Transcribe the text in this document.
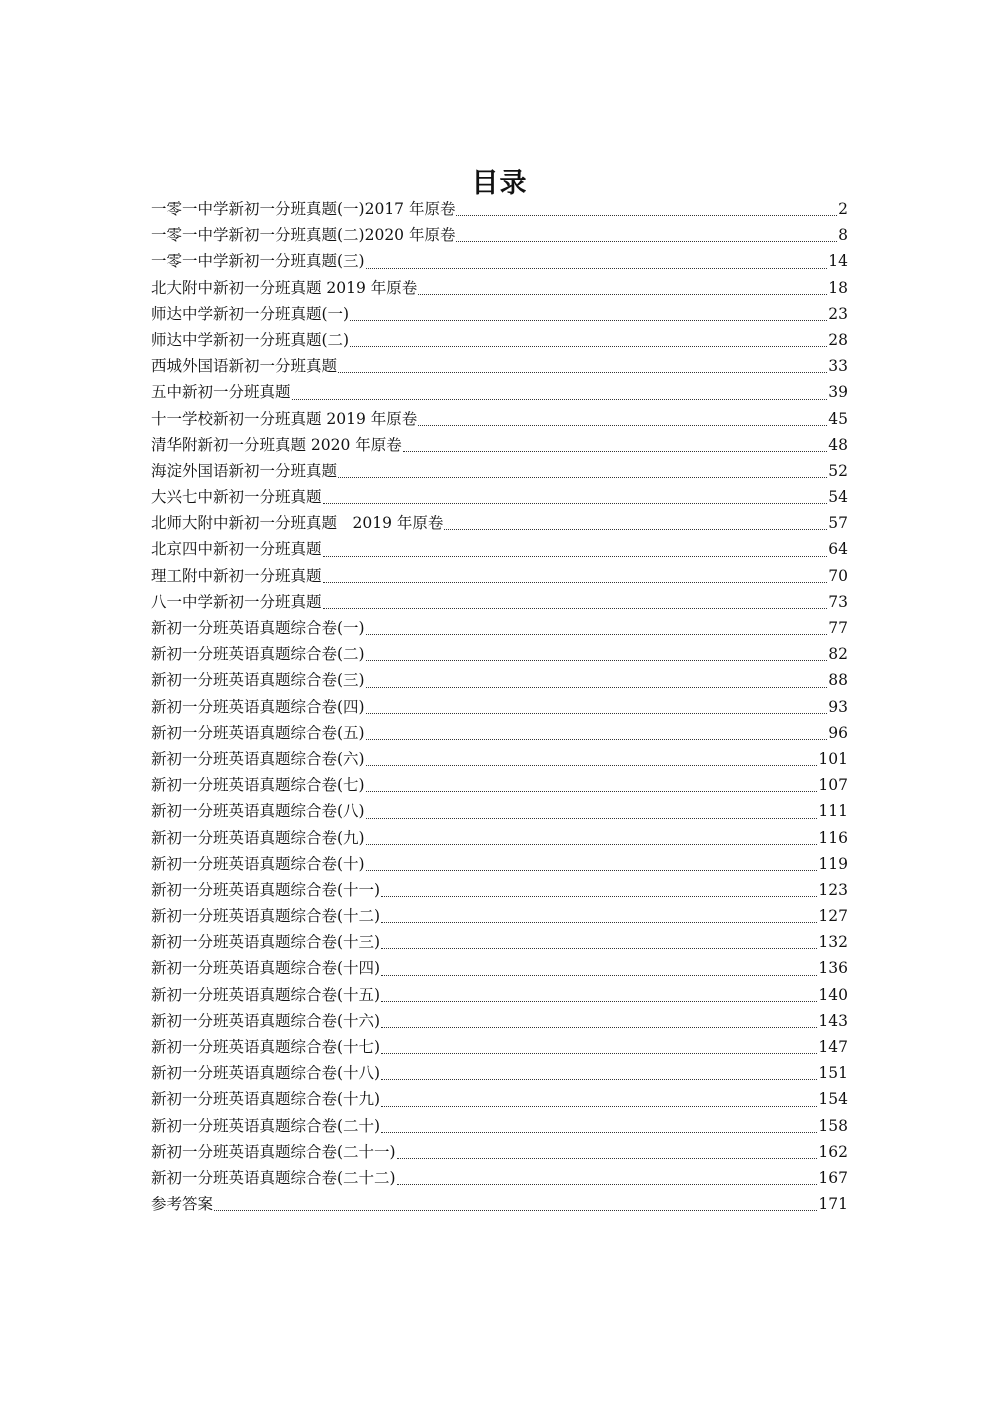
目录
一零一中学新初一分班真题(一)2017 年原卷	2
一零一中学新初一分班真题(二)2020 年原卷	8
一零一中学新初一分班真题(三)	14
北大附中新初一分班真题 2019 年原卷	18
师达中学新初一分班真题(一)	23
师达中学新初一分班真题(二)	28
西城外国语新初一分班真题	33
五中新初一分班真题	39
十一学校新初一分班真题 2019 年原卷	45
清华附新初一分班真题 2020 年原卷	48
海淀外国语新初一分班真题	52
大兴七中新初一分班真题	54
北师大附中新初一分班真题　2019 年原卷	57
北京四中新初一分班真题	64
理工附中新初一分班真题	70
八一中学新初一分班真题	73
新初一分班英语真题综合卷(一)	77
新初一分班英语真题综合卷(二)	82
新初一分班英语真题综合卷(三)	88
新初一分班英语真题综合卷(四)	93
新初一分班英语真题综合卷(五)	96
新初一分班英语真题综合卷(六)	101
新初一分班英语真题综合卷(七)	107
新初一分班英语真题综合卷(八)	111
新初一分班英语真题综合卷(九)	116
新初一分班英语真题综合卷(十)	119
新初一分班英语真题综合卷(十一)	123
新初一分班英语真题综合卷(十二)	127
新初一分班英语真题综合卷(十三)	132
新初一分班英语真题综合卷(十四)	136
新初一分班英语真题综合卷(十五)	140
新初一分班英语真题综合卷(十六)	143
新初一分班英语真题综合卷(十七)	147
新初一分班英语真题综合卷(十八)	151
新初一分班英语真题综合卷(十九)	154
新初一分班英语真题综合卷(二十)	158
新初一分班英语真题综合卷(二十一)	162
新初一分班英语真题综合卷(二十二)	167
参考答案	171
